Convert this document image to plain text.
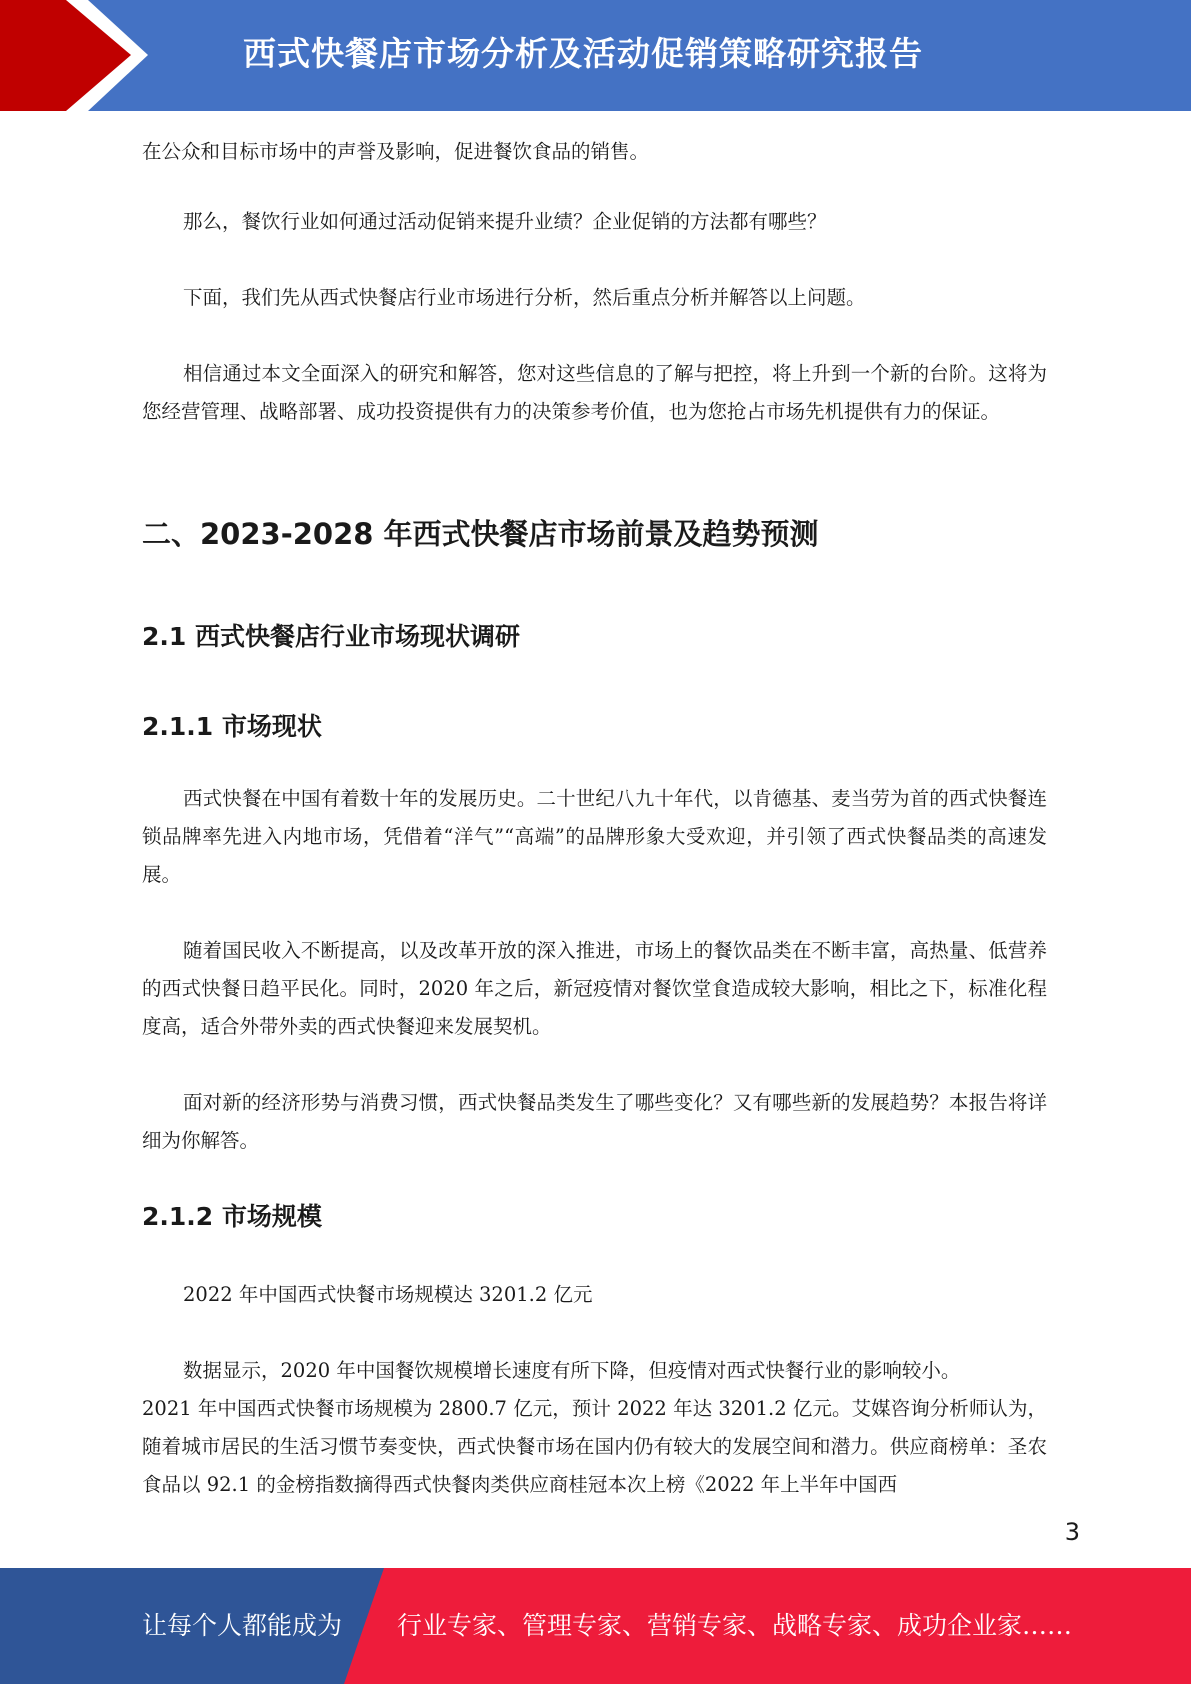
西式快餐店市场分析及活动促销策略研究报告

在公众和目标市场中的声誉及影响，促进餐饮食品的销售。

那么，餐饮行业如何通过活动促销来提升业绩？企业促销的方法都有哪些？

下面，我们先从西式快餐店行业市场进行分析，然后重点分析并解答以上问题。

相信通过本文全面深入的研究和解答，您对这些信息的了解与把控，将上升到一个新的台阶。这将为您经营管理、战略部署、成功投资提供有力的决策参考价值，也为您抢占市场先机提供有力的保证。

二、2023-2028 年西式快餐店市场前景及趋势预测
2.1 西式快餐店行业市场现状调研
2.1.1 市场现状

西式快餐在中国有着数十年的发展历史。二十世纪八九十年代，以肯德基、麦当劳为首的西式快餐连锁品牌率先进入内地市场，凭借着“洋气”“高端”的品牌形象大受欢迎，并引领了西式快餐品类的高速发展。

随着国民收入不断提高，以及改革开放的深入推进，市场上的餐饮品类在不断丰富，高热量、低营养的西式快餐日趋平民化。同时，2020 年之后，新冠疫情对餐饮堂食造成较大影响，相比之下，标准化程度高，适合外带外卖的西式快餐迎来发展契机。

面对新的经济形势与消费习惯，西式快餐品类发生了哪些变化？又有哪些新的发展趋势？本报告将详细为你解答。

2.1.2 市场规模

2022 年中国西式快餐市场规模达 3201.2 亿元

数据显示，2020 年中国餐饮规模增长速度有所下降，但疫情对西式快餐行业的影响较小。

2021 年中国西式快餐市场规模为 2800.7 亿元，预计 2022 年达 3201.2 亿元。艾媒咨询分析师认为，随着城市居民的生活习惯节奏变快，西式快餐市场在国内仍有较大的发展空间和潜力。供应商榜单：圣农食品以 92.1 的金榜指数摘得西式快餐肉类供应商桂冠本次上榜《2022 年上半年中国西

3
让每个人都能成为 行业专家、管理专家、营销专家、战略专家、成功企业家……
